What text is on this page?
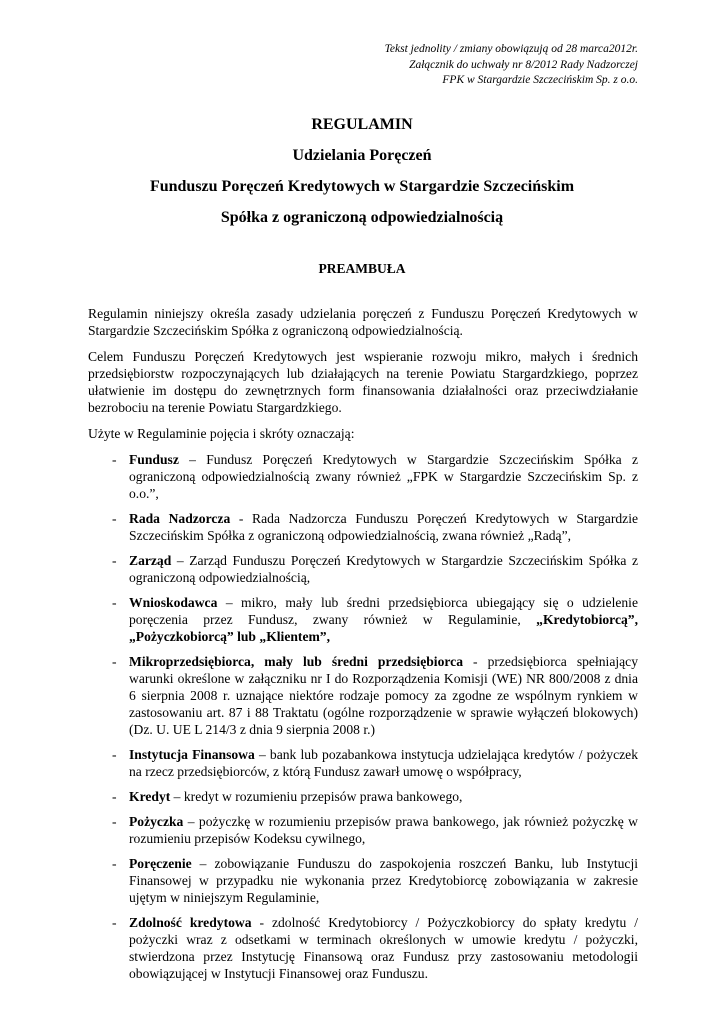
Tekst jednolity / zmiany obowiązują od 28 marca2012r.
Załącznik do uchwały nr 8/2012 Rady Nadzorczej
FPK w Stargardzie Szczecińskim Sp. z o.o.
REGULAMIN
Udzielania Poręczeń
Funduszu Poręczeń Kredytowych w Stargardzie Szczecińskim
Spółka z ograniczoną odpowiedzialnością
PREAMBUŁA

Regulamin niniejszy określa zasady udzielania poręczeń z Funduszu Poręczeń Kredytowych w Stargardzie Szczecińskim Spółka z ograniczoną odpowiedzialnością.

Celem Funduszu Poręczeń Kredytowych jest wspieranie rozwoju mikro, małych i średnich przedsiębiorstw rozpoczynających lub działających na terenie Powiatu Stargardzkiego, poprzez ułatwienie im dostępu do zewnętrznych form finansowania działalności oraz przeciwdziałanie bezrobociu na terenie Powiatu Stargardzkiego.

Użyte w Regulaminie pojęcia i skróty oznaczają:

- Fundusz – Fundusz Poręczeń Kredytowych w Stargardzie Szczecińskim Spółka z ograniczoną odpowiedzialnością zwany również „FPK w Stargardzie Szczecińskim Sp. z o.o.”,
- Rada Nadzorcza - Rada Nadzorcza Funduszu Poręczeń Kredytowych w Stargardzie Szczecińskim Spółka z ograniczoną odpowiedzialnością, zwana również „Radą”,
- Zarząd – Zarząd Funduszu Poręczeń Kredytowych w Stargardzie Szczecińskim Spółka z ograniczoną odpowiedzialnością,
- Wnioskodawca – mikro, mały lub średni przedsiębiorca ubiegający się o udzielenie poręczenia przez Fundusz, zwany również w Regulaminie, „Kredytobiorcą”, „Pożyczkobiorcą” lub „Klientem”,
- Mikroprzedsiębiorca, mały lub średni przedsiębiorca - przedsiębiorca spełniający warunki określone w załączniku nr I do Rozporządzenia Komisji (WE) NR 800/2008 z dnia 6 sierpnia 2008 r. uznające niektóre rodzaje pomocy za zgodne ze wspólnym rynkiem w zastosowaniu art. 87 i 88 Traktatu (ogólne rozporządzenie w sprawie wyłączeń blokowych) (Dz. U. UE L 214/3 z dnia 9 sierpnia 2008 r.)
- Instytucja Finansowa – bank lub pozabankowa instytucja udzielająca kredytów / pożyczek na rzecz przedsiębiorców, z którą Fundusz zawarł umowę o współpracy,
- Kredyt – kredyt w rozumieniu przepisów prawa bankowego,
- Pożyczka – pożyczkę w rozumieniu przepisów prawa bankowego, jak również pożyczkę w rozumieniu przepisów Kodeksu cywilnego,
- Poręczenie – zobowiązanie Funduszu do zaspokojenia roszczeń Banku, lub Instytucji Finansowej w przypadku nie wykonania przez Kredytobiorcę zobowiązania w zakresie ujętym w niniejszym Regulaminie,
- Zdolność kredytowa - zdolność Kredytobiorcy / Pożyczkobiorcy do spłaty kredytu / pożyczki wraz z odsetkami w terminach określonych w umowie kredytu / pożyczki, stwierdzona przez Instytucję Finansową oraz Fundusz przy zastosowaniu metodologii obowiązującej w Instytucji Finansowej oraz Funduszu.
